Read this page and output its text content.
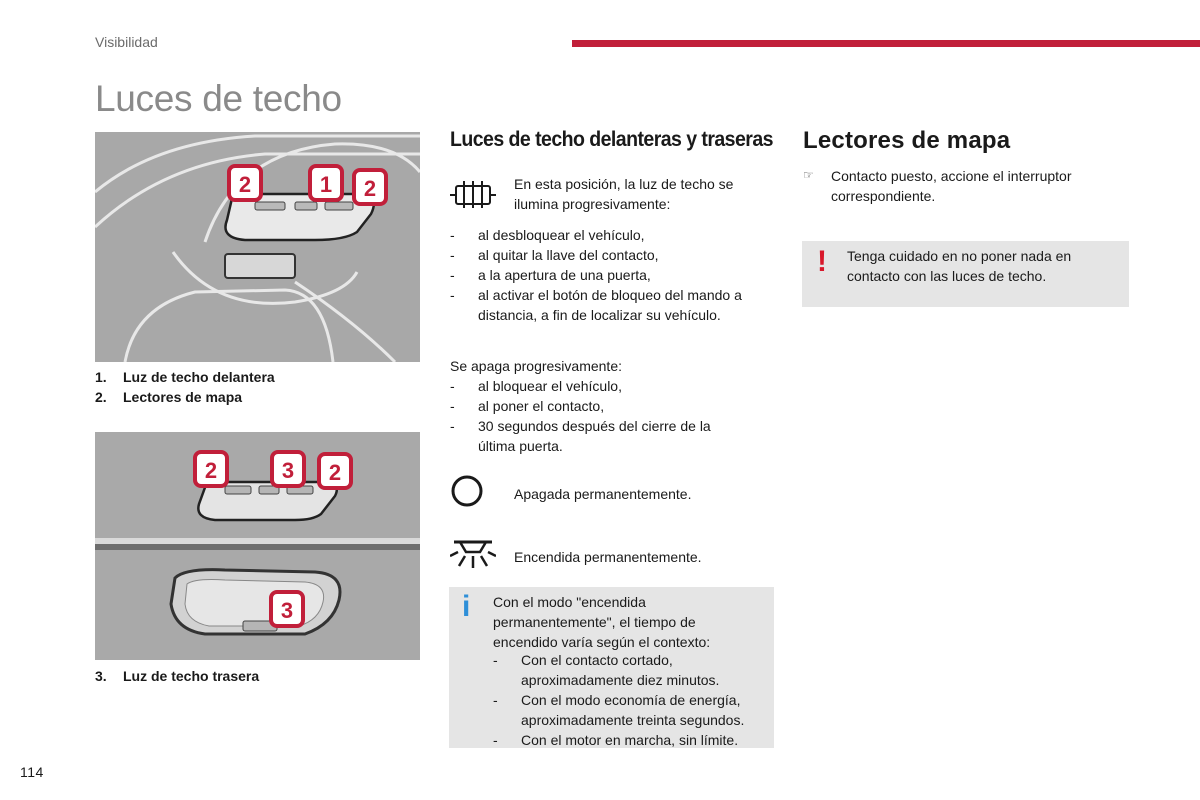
Visibilidad
Luces de techo
2	1 2
1.	Luz de techo delantera
2.	Lectores de mapa
2	3 2
3
3.	Luz de techo trasera
Luces de techo delanteras y traseras
En esta posición, la luz de techo se ilumina progresivamente:
-	al desbloquear el vehículo,
-	al quitar la llave del contacto,
-	a la apertura de una puerta,
-	al activar el botón de bloqueo del mando a distancia, a fin de localizar su vehículo.
Se apaga progresivamente:
-	al bloquear el vehículo,
-	al poner el contacto,
-	30 segundos después del cierre de la última puerta.
Apagada permanentemente.
Encendida permanentemente.
i Con el modo "encendida permanentemente", el tiempo de encendido varía según el contexto:
-	Con el contacto cortado, aproximadamente diez minutos.
-	Con el modo economía de energía, aproximadamente treinta segundos.
-	Con el motor en marcha, sin límite.
Lectores de mapa
☞	Contacto puesto, accione el interruptor correspondiente.
! Tenga cuidado en no poner nada en contacto con las luces de techo.
114
